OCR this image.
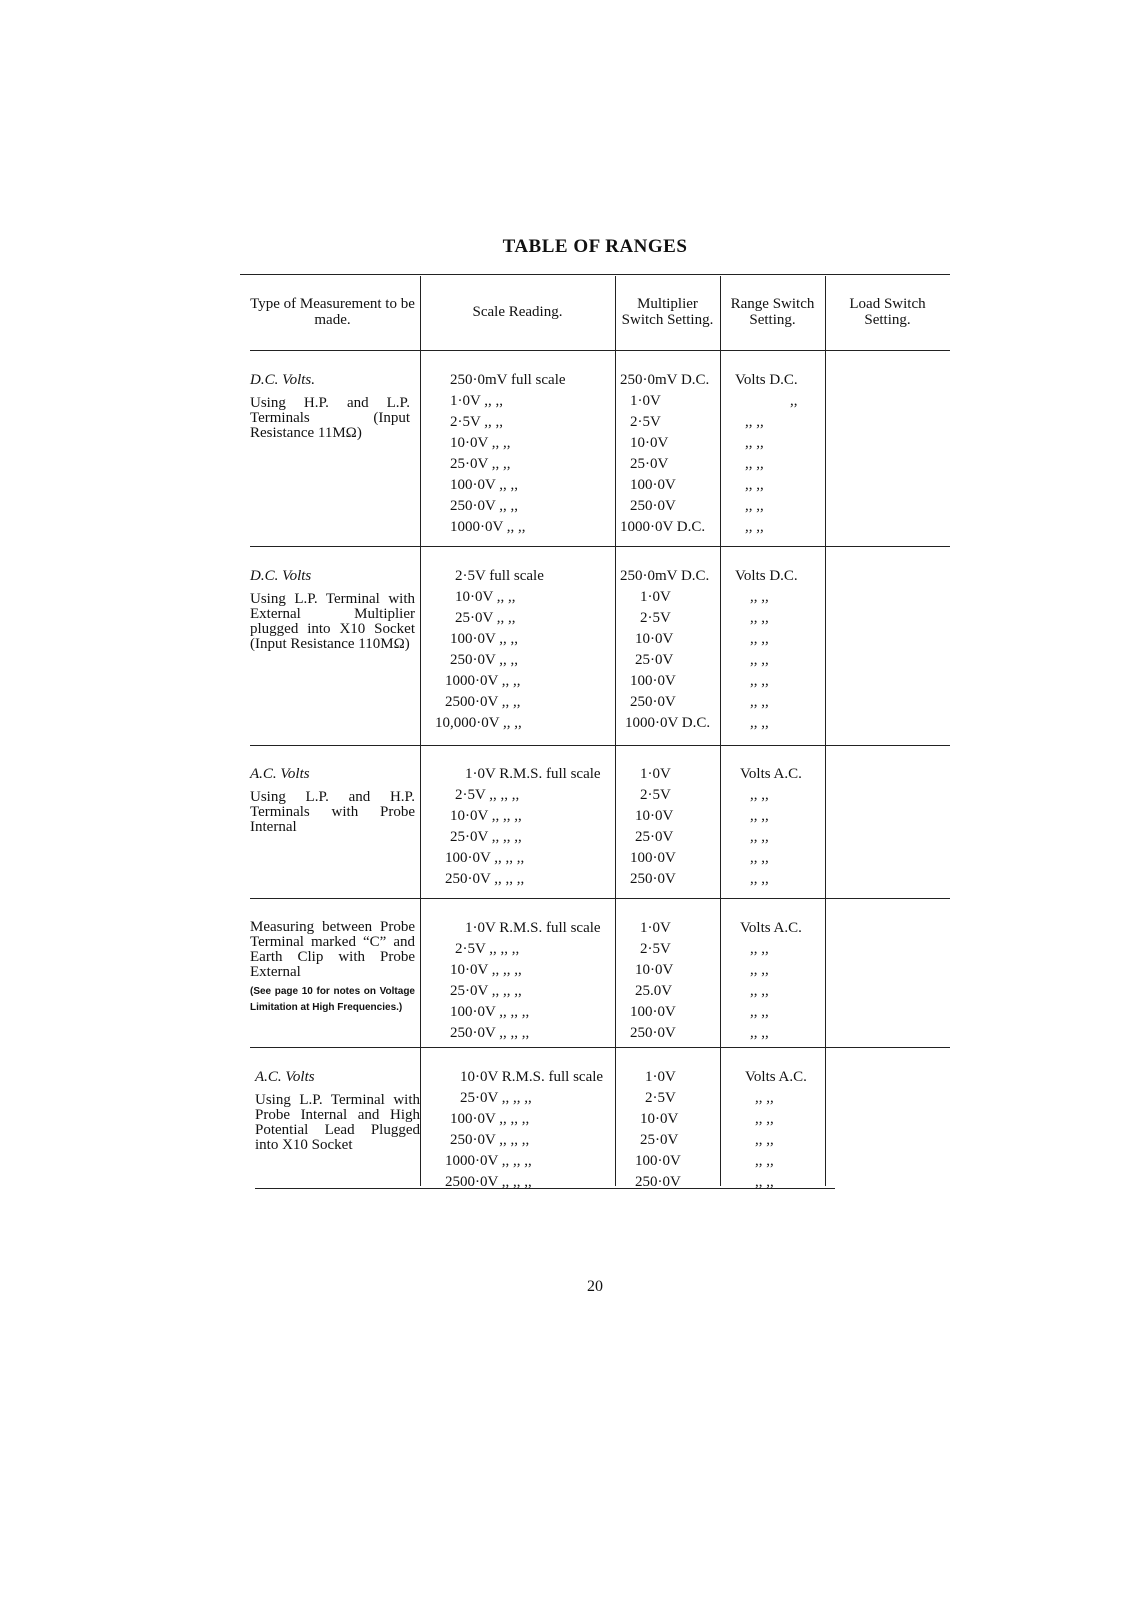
TABLE OF RANGES
Type of Measurement to be made.	Scale Reading.	Multiplier Switch Setting.
Range Switch Setting.
Load Switch Setting.
D.C. Volts.

Using H.P. and L.P. Terminals (Input Resistance 11MΩ)

250·0mV full scale
1·0V ,, ,,
2·5V ,, ,,
10·0V ,, ,,
25·0V ,, ,,
100·0V ,, ,,
250·0V ,, ,,
1000·0V ,, ,,
250·0mV D.C.
1·0V
2·5V
10·0V
25·0V
100·0V
250·0V
1000·0V D.C.
Volts D.C.
,,
,, ,,
,, ,,
,, ,,
,, ,,
,, ,,
,, ,,
D.C. Volts

Using L.P. Terminal with External Multiplier plugged into X10 Socket (Input Resistance 110MΩ)

2·5V full scale
10·0V ,, ,,
25·0V ,, ,,
100·0V ,, ,,
250·0V ,, ,,
1000·0V ,, ,,
2500·0V ,, ,,
10,000·0V ,, ,,
250·0mV D.C.
1·0V
2·5V
10·0V
25·0V
100·0V
250·0V
1000·0V D.C.
Volts D.C.
,, ,,
,, ,,
,, ,,
,, ,,
,, ,,
,, ,,
,, ,,
A.C. Volts

Using L.P. and H.P. Terminals with Probe Internal

1·0V R.M.S. full scale
2·5V ,, ,, ,,
10·0V ,, ,, ,,
25·0V ,, ,, ,,
100·0V ,, ,, ,,
250·0V ,, ,, ,,
1·0V
2·5V
10·0V
25·0V
100·0V
250·0V
Volts A.C.
,, ,,
,, ,,
,, ,,
,, ,,
,, ,,

Measuring between Probe Terminal marked “C” and Earth Clip with Probe External

(See page 10 for notes on Voltage Limitation at High Frequencies.)
1·0V R.M.S. full scale
2·5V ,, ,, ,,
10·0V ,, ,, ,,
25·0V ,, ,, ,,
100·0V ,, ,, ,,
250·0V ,, ,, ,,
1·0V
2·5V
10·0V
25.0V
100·0V
250·0V
Volts A.C.
,, ,,
,, ,,
,, ,,
,, ,,
,, ,,
A.C. Volts

Using L.P. Terminal with Probe Internal and High Potential Lead Plugged into X10 Socket

10·0V R.M.S. full scale
25·0V ,, ,, ,,
100·0V ,, ,, ,,
250·0V ,, ,, ,,
1000·0V ,, ,, ,,
2500·0V ,, ,, ,,
1·0V
2·5V
10·0V
25·0V
100·0V
250·0V
Volts A.C.
,, ,,
,, ,,
,, ,,
,, ,,
,, ,,
20
